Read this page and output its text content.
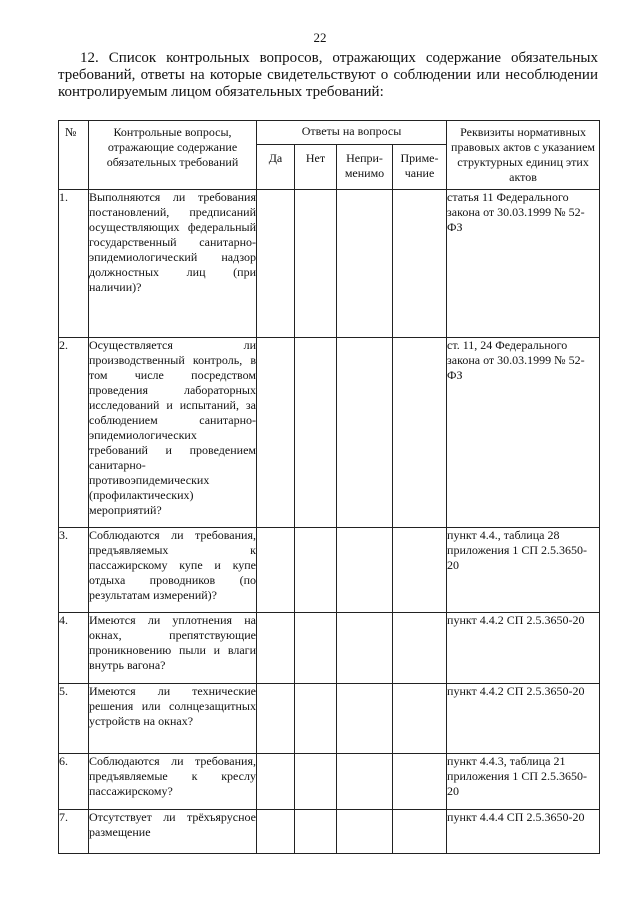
22
12. Список контрольных вопросов, отражающих содержание обязательных требований, ответы на которые свидетельствуют о соблюдении или несоблюдении контролируемым лицом обязательных требований:
№	Контрольные вопросы, отражающие содержание обязательных требований	Ответы на вопросы				Реквизиты нормативных правовых актов с указанием структурных единиц этих актов
		Да	Нет	Непри-менимо	Приме-чание	
1.	Выполняются ли требования постановлений, предписаний осуществляющих федеральный государственный санитарно-эпидемиологический надзор должностных лиц (при наличии)?					статья 11 Федерального закона от 30.03.1999 № 52-ФЗ
2.	Осуществляется ли производственный контроль, в том числе посредством проведения лабораторных исследований и испытаний, за соблюдением санитарно-эпидемиологических требований и проведением санитарно-противоэпидемических (профилактических) мероприятий?					ст. 11, 24 Федерального закона от 30.03.1999 № 52-ФЗ
3.	Соблюдаются ли требования, предъявляемых к пассажирскому купе и купе отдыха проводников (по результатам измерений)?					пункт 4.4., таблица 28 приложения 1 СП 2.5.3650-20
4.	Имеются ли уплотнения на окнах, препятствующие проникновению пыли и влаги внутрь вагона?					пункт 4.4.2 СП 2.5.3650-20
5.	Имеются ли технические решения или солнцезащитных устройств на окнах?					пункт 4.4.2 СП 2.5.3650-20
6.	Соблюдаются ли требования, предъявляемые к креслу пассажирскому?					пункт 4.4.3, таблица 21 приложения 1 СП 2.5.3650-20
7.	Отсутствует ли трёхъярусное размещение					пункт 4.4.4 СП 2.5.3650-20
